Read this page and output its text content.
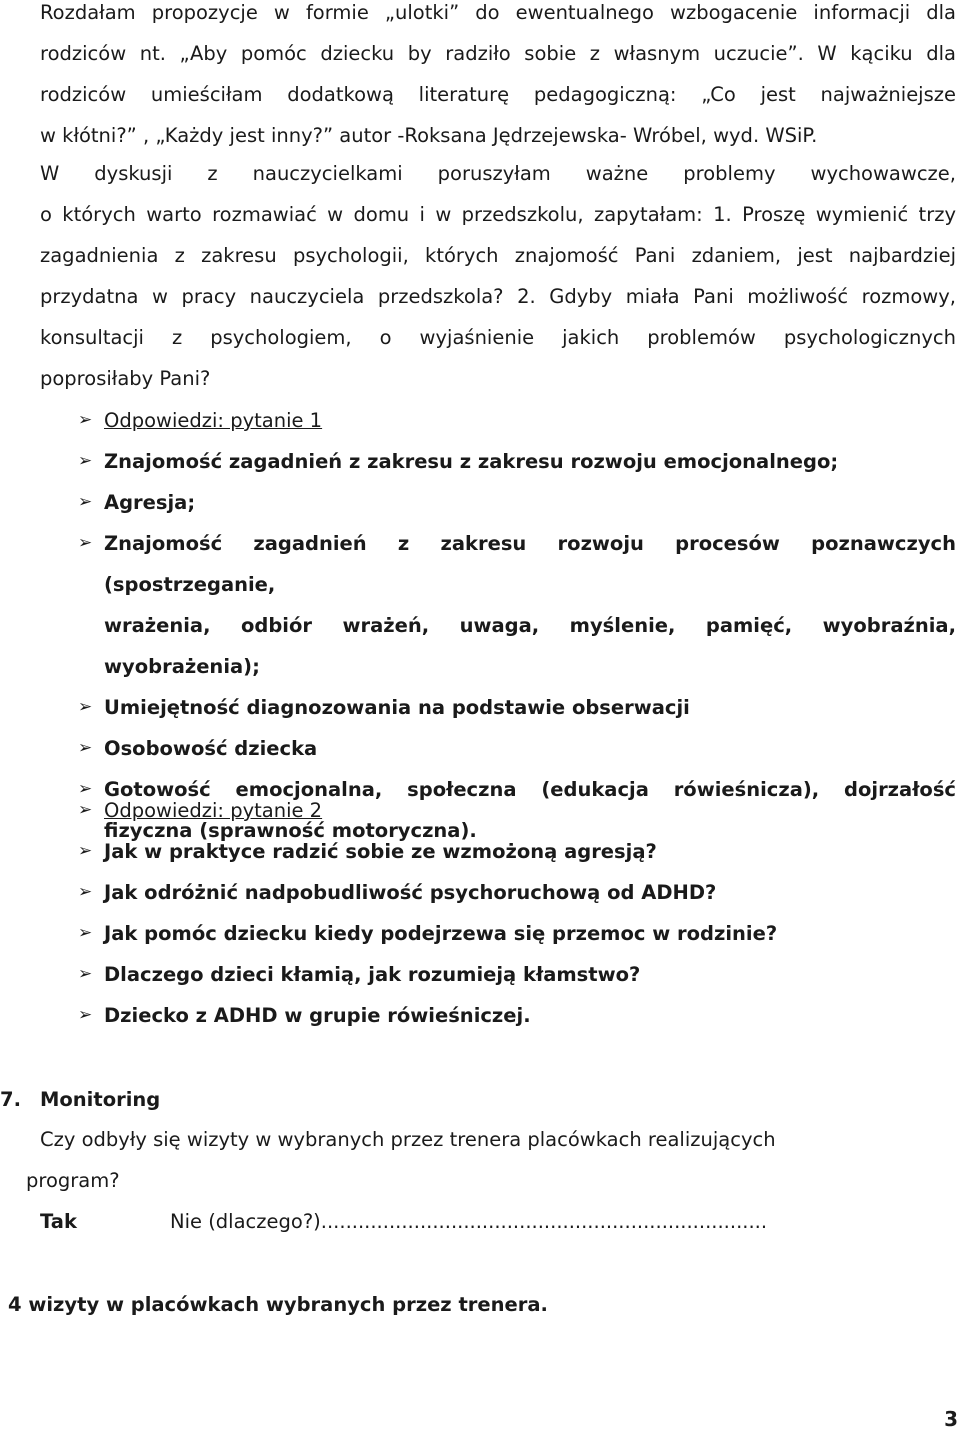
Rozdałam propozycje w formie „ulotki” do ewentualnego wzbogacenie informacji dla
rodziców nt. „Aby pomóc dziecku by radziło sobie z własnym uczucie”. W kąciku dla
rodziców umieściłam dodatkową literaturę pedagogiczną: „Co jest najważniejsze
w kłótni?” , „Każdy jest inny?” autor -Roksana Jędrzejewska- Wróbel, wyd. WSiP.
W dyskusji z nauczycielkami poruszyłam ważne problemy wychowawcze,
o których warto rozmawiać w domu i w przedszkolu, zapytałam: 1. Proszę wymienić trzy
zagadnienia z zakresu psychologii, których znajomość Pani zdaniem, jest najbardziej
przydatna w pracy nauczyciela przedszkola? 2. Gdyby miała Pani możliwość rozmowy,
konsultacji z psychologiem, o wyjaśnienie jakich problemów psychologicznych
poprosiłaby Pani?
➢ Odpowiedzi: pytanie 1
➢ Znajomość zagadnień z zakresu z zakresu rozwoju emocjonalnego;
➢ Agresja;
➢ Znajomość zagadnień z zakresu rozwoju procesów poznawczych (spostrzeganie,
wrażenia, odbiór wrażeń, uwaga, myślenie, pamięć, wyobraźnia, wyobrażenia);
➢ Umiejętność diagnozowania na podstawie obserwacji
➢ Osobowość dziecka
➢ Gotowość emocjonalna, społeczna (edukacja rówieśnicza), dojrzałość
fizyczna (sprawność motoryczna).
➢ Odpowiedzi: pytanie 2
➢ Jak w praktyce radzić sobie ze wzmożoną agresją?
➢ Jak odróżnić nadpobudliwość psychoruchową od ADHD?
➢ Jak pomóc dziecku kiedy podejrzewa się przemoc w rodzinie?
➢ Dlaczego dzieci kłamią, jak rozumieją kłamstwo?
➢ Dziecko z ADHD w grupie rówieśniczej.
7. Monitoring
Czy odbyły się wizyty w wybranych przez trenera placówkach realizujących
program?
Tak	Nie (dlaczego?)........................................................................
4 wizyty w placówkach wybranych przez trenera.
3
